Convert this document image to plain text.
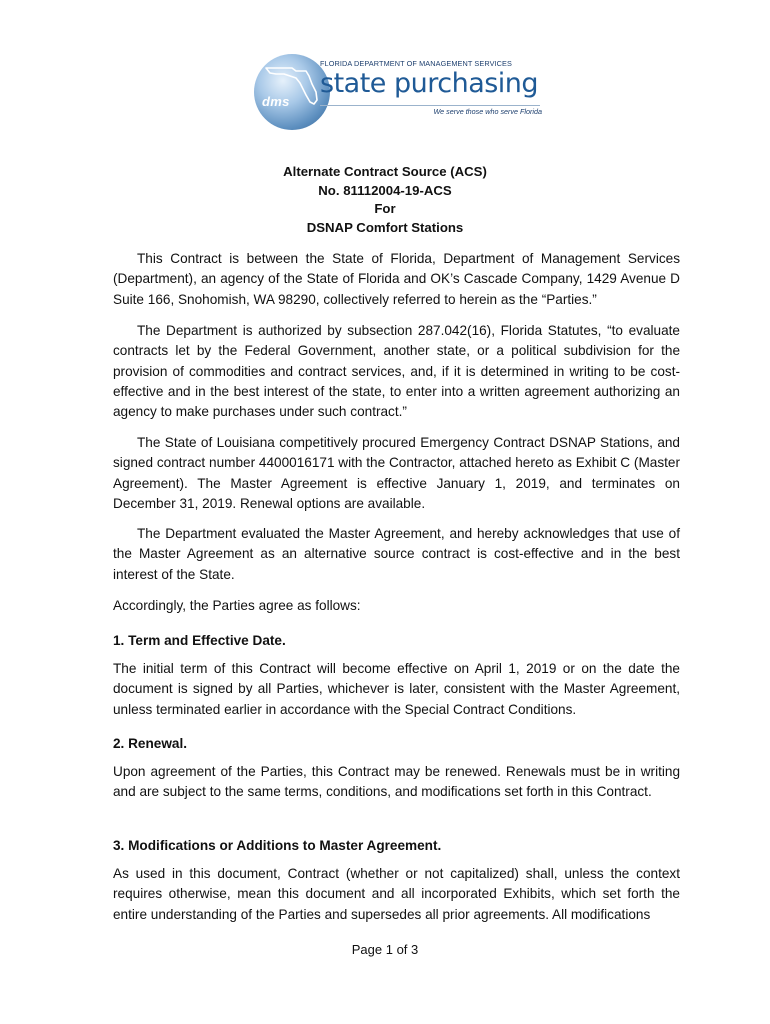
dms
FLORIDA DEPARTMENT OF MANAGEMENT SERVICES
state purchasing
We serve those who serve Florida
Alternate Contract Source (ACS)
No. 81112004-19-ACS
For
DSNAP Comfort Stations

This Contract is between the State of Florida, Department of Management Services (Department), an agency of the State of Florida and OK’s Cascade Company, 1429 Avenue D Suite 166, Snohomish, WA 98290, collectively referred to herein as the “Parties.”

The Department is authorized by subsection 287.042(16), Florida Statutes, “to evaluate contracts let by the Federal Government, another state, or a political subdivision for the provision of commodities and contract services, and, if it is determined in writing to be cost-effective and in the best interest of the state, to enter into a written agreement authorizing an agency to make purchases under such contract.”

The State of Louisiana competitively procured Emergency Contract DSNAP Stations, and signed contract number 4400016171 with the Contractor, attached hereto as Exhibit C (Master Agreement). The Master Agreement is effective January 1, 2019, and terminates on December 31, 2019. Renewal options are available.

The Department evaluated the Master Agreement, and hereby acknowledges that use of the Master Agreement as an alternative source contract is cost-effective and in the best interest of the State.

Accordingly, the Parties agree as follows:

1. Term and Effective Date.

The initial term of this Contract will become effective on April 1, 2019 or on the date the document is signed by all Parties, whichever is later, consistent with the Master Agreement, unless terminated earlier in accordance with the Special Contract Conditions.

2. Renewal.

Upon agreement of the Parties, this Contract may be renewed. Renewals must be in writing and are subject to the same terms, conditions, and modifications set forth in this Contract.

3. Modifications or Additions to Master Agreement.

As used in this document, Contract (whether or not capitalized) shall, unless the context requires otherwise, mean this document and all incorporated Exhibits, which set forth the entire understanding of the Parties and supersedes all prior agreements. All modifications

Page 1 of 3
